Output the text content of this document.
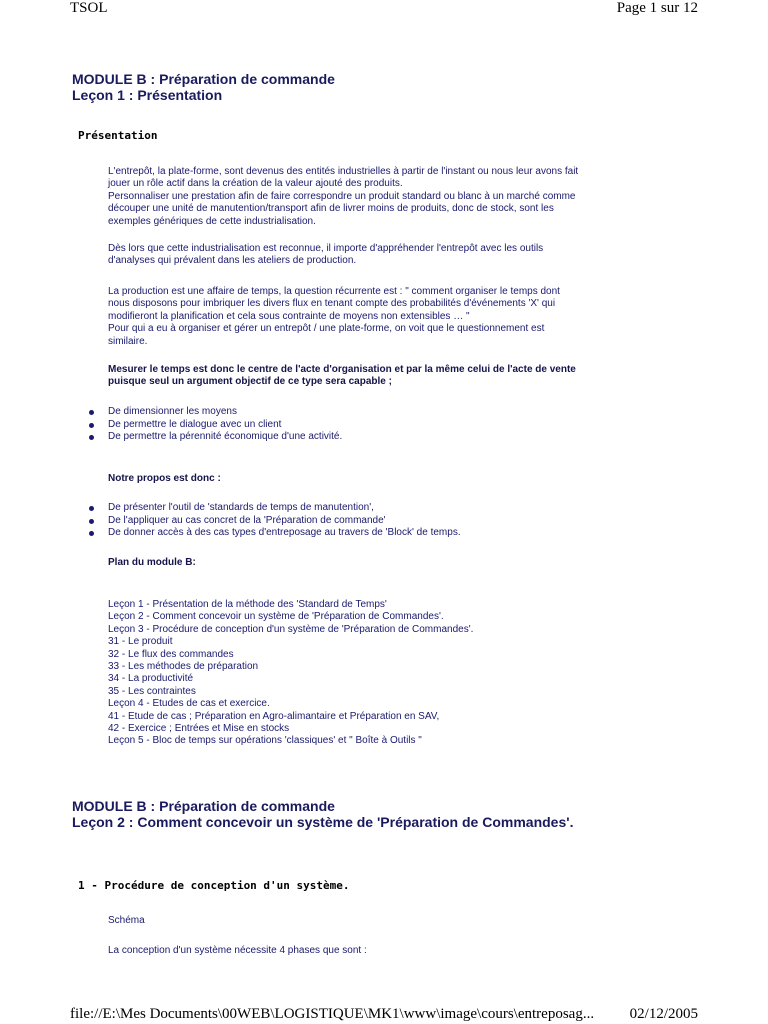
TSOL	Page 1 sur 12
MODULE B : Préparation de commande
Leçon 1 : Présentation
Présentation
L'entrepôt, la plate-forme, sont devenus des entités industrielles à partir de l'instant ou nous leur avons fait
jouer un rôle actif dans la création de la valeur ajouté des produits.
Personnaliser une prestation afin de faire correspondre un produit standard ou blanc à un marché comme
découper une unité de manutention/transport afin de livrer moins de produits, donc de stock, sont les
exemples génériques de cette industrialisation.
Dès lors que cette industrialisation est reconnue, il importe d'appréhender l'entrepôt avec les outils
d'analyses qui prévalent dans les ateliers de production.
La production est une affaire de temps, la question récurrente est : " comment organiser le temps dont
nous disposons pour imbriquer les divers flux en tenant compte des probabilités d'événements 'X' qui
modifieront la planification et cela sous contrainte de moyens non extensibles … "
Pour qui a eu à organiser et gérer un entrepôt / une plate-forme, on voit que le questionnement est
similaire.
Mesurer le temps est donc le centre de l'acte d'organisation et par la même celui de l'acte de vente
puisque seul un argument objectif de ce type sera capable ;
De dimensionner les moyens
De permettre le dialogue avec un client
De permettre la pérennité économique d'une activité.
Notre propos est donc :
De présenter l'outil de 'standards de temps de manutention',
De l'appliquer au cas concret de la 'Préparation de commande'
De donner accès à des cas types d'entreposage au travers de 'Block' de temps.
Plan du module B:
Leçon 1 - Présentation de la méthode des 'Standard de Temps'
Leçon 2 - Comment concevoir un système de 'Préparation de Commandes'.
Leçon 3 - Procédure de conception d'un système de 'Préparation de Commandes'.
31 - Le produit
32 - Le flux des commandes
33 - Les méthodes de préparation
34 - La productivité
35 - Les contraintes
Leçon 4 - Etudes de cas et exercice.
41 - Etude de cas ; Préparation en Agro-alimantaire et Préparation en SAV,
42 - Exercice ; Entrées et Mise en stocks
Leçon 5 - Bloc de temps sur opérations 'classiques' et " Boîte à Outils "
MODULE B : Préparation de commande
Leçon 2 : Comment concevoir un système de 'Préparation de Commandes'.
1 - Procédure de conception d'un système.
Schéma
La conception d'un système nécessite 4 phases que sont :
file://E:\Mes Documents\00WEB\LOGISTIQUE\MK1\www\image\cours\entreposag... 02/12/2005
